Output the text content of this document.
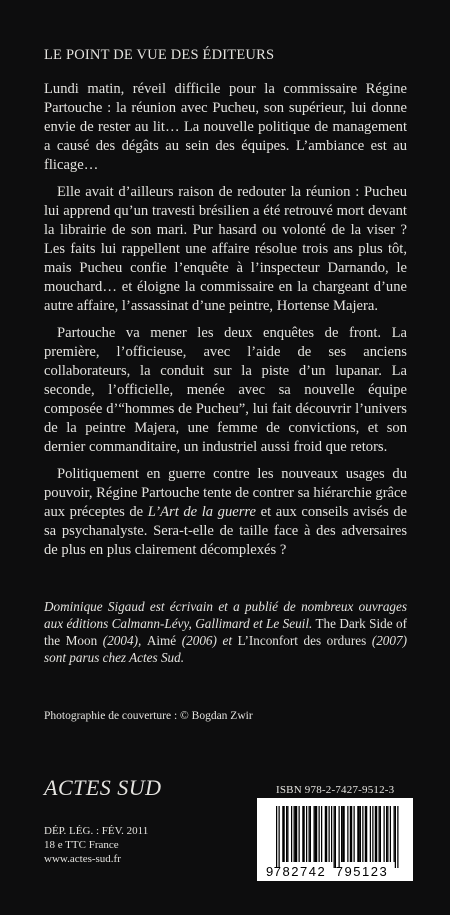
LE POINT DE VUE DES ÉDITEURS

Lundi matin, réveil difficile pour la commissaire Régine Partouche : la réunion avec Pucheu, son supérieur, lui donne envie de rester au lit… La nouvelle politique de management a causé des dégâts au sein des équipes. L’ambiance est au flicage…

Elle avait d’ailleurs raison de redouter la réunion : Pucheu lui apprend qu’un travesti brésilien a été retrouvé mort devant la librairie de son mari. Pur hasard ou volonté de la viser ? Les faits lui rappellent une affaire résolue trois ans plus tôt, mais Pucheu confie l’enquête à l’inspecteur Darnando, le mouchard… et éloigne la commissaire en la chargeant d’une autre affaire, l’assassinat d’une peintre, Hortense Majera.

Partouche va mener les deux enquêtes de front. La première, l’officieuse, avec l’aide de ses anciens collaborateurs, la conduit sur la piste d’un lupanar. La seconde, l’officielle, menée avec sa nouvelle équipe composée d’“hommes de Pucheu”, lui fait découvrir l’univers de la peintre Majera, une femme de convictions, et son dernier commanditaire, un industriel aussi froid que retors.

Politiquement en guerre contre les nouveaux usages du pouvoir, Régine Partouche tente de contrer sa hiérarchie grâce aux préceptes de L’Art de la guerre et aux conseils avisés de sa psychanalyste. Sera-t-elle de taille face à des adversaires de plus en plus clairement décomplexés ?

Dominique Sigaud est écrivain et a publié de nombreux ouvrages aux éditions Calmann-Lévy, Gallimard et Le Seuil. The Dark Side of the Moon (2004), Aimé (2006) et L’Inconfort des ordures (2007) sont parus chez Actes Sud.
Photographie de couverture : © Bogdan Zwir
ACTES SUD
DÉP. LÉG. : FÉV. 2011
18 e TTC France
www.actes-sud.fr
ISBN 978-2-7427-9512-3
9 782742 795123
